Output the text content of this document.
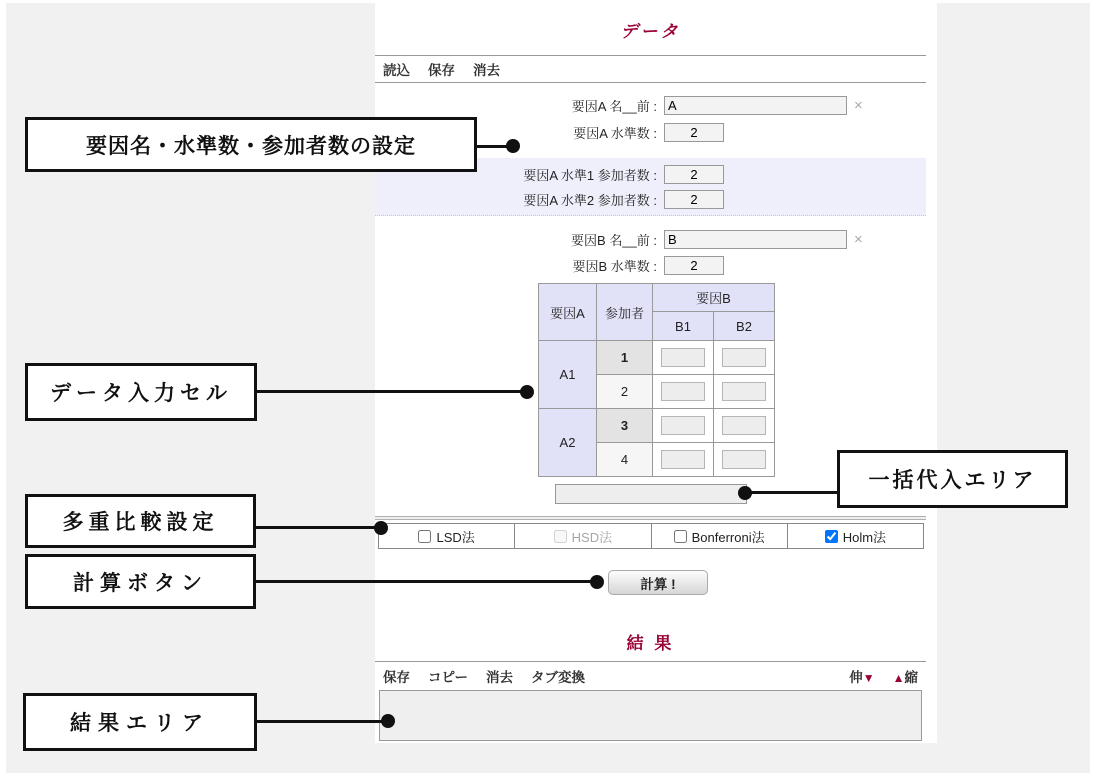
データ
読込 保存 消去
要因A 名__前 :
A	×
要因A 水準数 :
2
要因A 水準1 参加者数 :
2
要因A 水準2 参加者数 :
2
要因B 名__前 :
B	×
要因B 水準数 :
2
要因A	参加者	要因B	
		B1	B2
A1	1		
	2		
A2	3		
	4		
LSD法	HSD法	Bonferroni法	Holm法
計算 !
結 果
保存 コピー 消去 タブ変換	伸▼ ▲縮
要因名・水準数・参加者数の設定
データ入力セル
多重比較設定
計算ボタン
結果エリア
一括代入エリア
